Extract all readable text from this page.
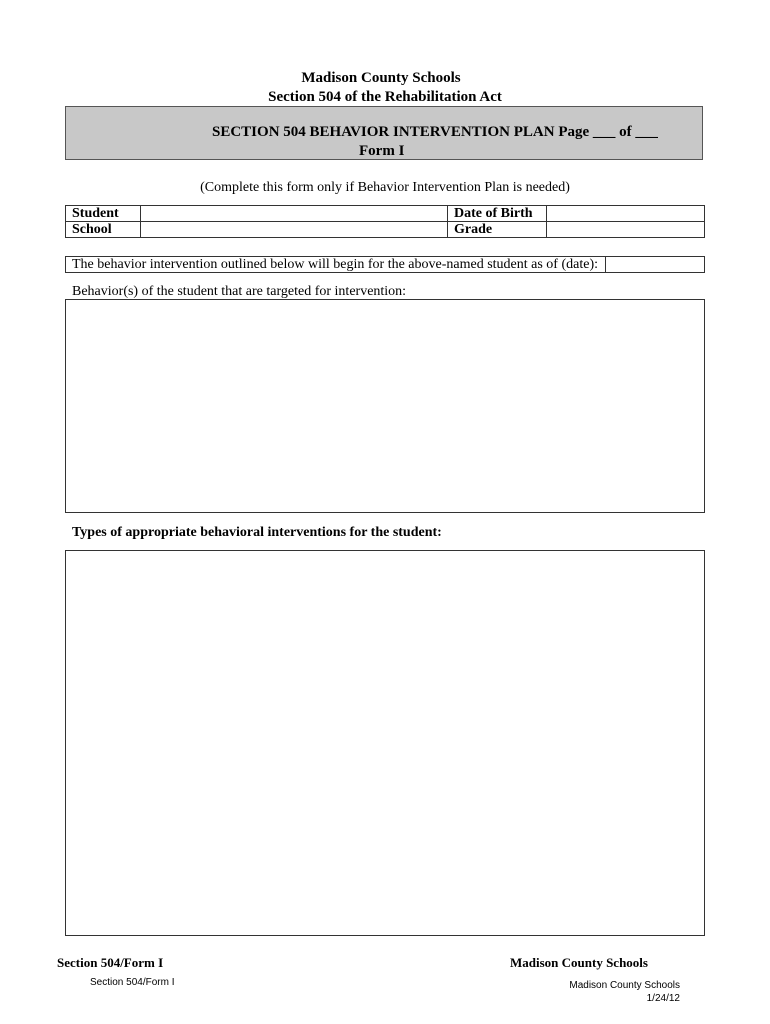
Madison County Schools
Section 504 of the Rehabilitation Act
SECTION 504 BEHAVIOR INTERVENTION PLAN Page ___ of ___
Form I
(Complete this form only if Behavior Intervention Plan is needed)
Student		Date of Birth	
School		Grade	
The behavior intervention outlined below will begin for the above-named student as of (date):
Behavior(s) of the student that are targeted for intervention:
Types of appropriate behavioral interventions for the student:
Section 504/Form I	Madison County Schools
Section 504/Form I	Madison County Schools
1/24/12
